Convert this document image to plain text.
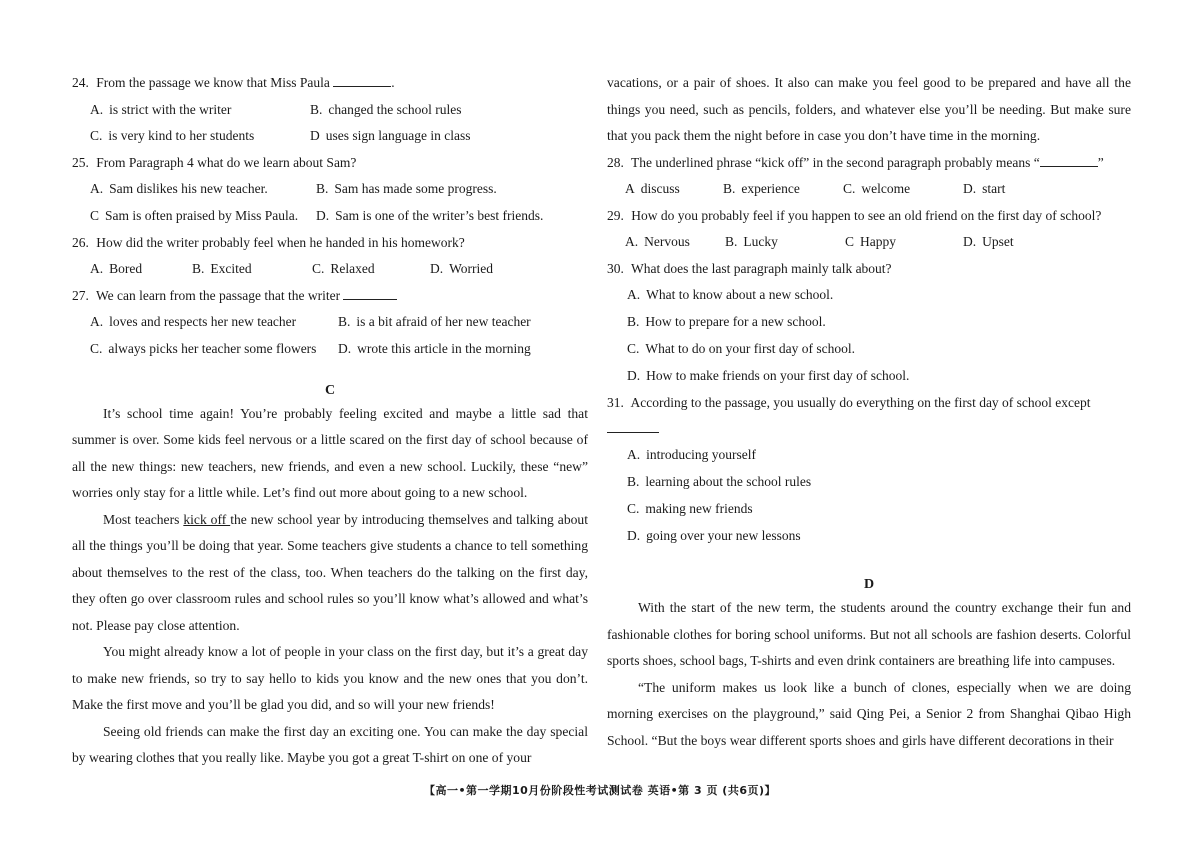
24. From the passage we know that Miss Paula	.
A. is strict with the writer	B. changed the school rules
C. is very kind to her students	D uses sign language in class
25. From Paragraph 4 what do we learn about Sam?
A. Sam dislikes his new teacher.	B. Sam has made some progress.
C Sam is often praised by Miss Paula.	D. Sam is one of the writer’s best friends.
26. How did the writer probably feel when he handed in his homework?
A. Bored	B. Excited	C. Relaxed	D. Worried
27. We can learn from the passage that the writer
A. loves and respects her new teacher	B. is a bit afraid of her new teacher
C. always picks her teacher some flowers	D. wrote this article in the morning
C

It’s school time again! You’re probably feeling excited and maybe a little sad that summer is over. Some kids feel nervous or a little scared on the first day of school because of all the new things: new teachers, new friends, and even a new school. Luckily, these “new” worries only stay for a little while. Let’s find out more about going to a new school.

Most teachers kick off the new school year by introducing themselves and talking about all the things you’ll be doing that year. Some teachers give students a chance to tell something about themselves to the rest of the class, too. When teachers do the talking on the first day, they often go over classroom rules and school rules so you’ll know what’s allowed and what’s not. Please pay close attention.

You might already know a lot of people in your class on the first day, but it’s a great day to make new friends, so try to say hello to kids you know and the new ones that you don’t. Make the first move and you’ll be glad you did, and so will your new friends!

Seeing old friends can make the first day an exciting one. You can make the day special by wearing clothes that you really like. Maybe you got a great T-shirt on one of your

vacations, or a pair of shoes. It also can make you feel good to be prepared and have all the things you need, such as pencils, folders, and whatever else you’ll be needing. But make sure that you pack them the night before in case you don’t have time in the morning.

28. The underlined phrase “kick off” in the second paragraph probably means “	”
A discuss	B. experience	C. welcome	D. start
29. How do you probably feel if you happen to see an old friend on the first day of school?
A. Nervous	B. Lucky	C Happy	D. Upset
30. What does the last paragraph mainly talk about?
A. What to know about a new school.
B. How to prepare for a new school.
C. What to do on your first day of school.
D. How to make friends on your first day of school.
31. According to the passage, you usually do everything on the first day of school except
A. introducing yourself
B. learning about the school rules
C. making new friends
D. going over your new lessons
D

With the start of the new term, the students around the country exchange their fun and fashionable clothes for boring school uniforms. But not all schools are fashion deserts. Colorful sports shoes, school bags, T-shirts and even drink containers are breathing life into campuses.

“The uniform makes us look like a bunch of clones, especially when we are doing morning exercises on the playground,” said Qing Pei, a Senior 2 from Shanghai Qibao High School. “But the boys wear different sports shoes and girls have different decorations in their

【高一•第一学期10月份阶段性考试测试卷 英语•第 3 页 (共6页)】
